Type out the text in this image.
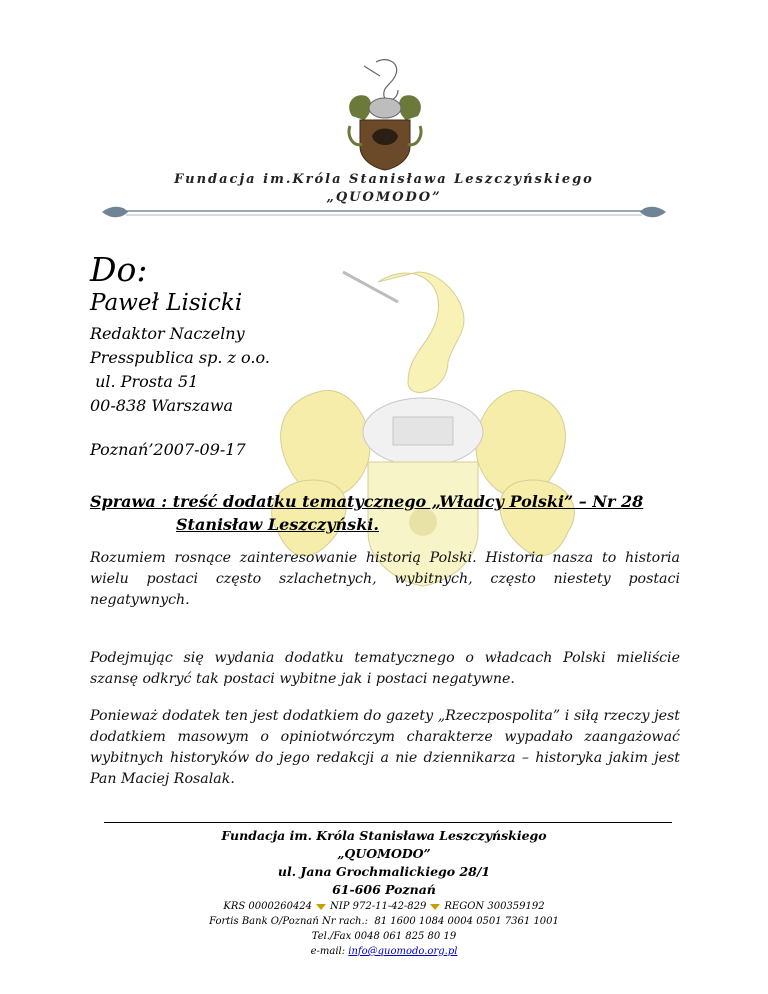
Fundacja im.Króla Stanisława Leszczyńskiego
„QUOMODO”
Do:
Paweł Lisicki
Redaktor Naczelny
Presspublica sp. z o.o.
ul. Prosta 51
00-838 Warszawa
Poznań’2007-09-17
Sprawa : treść dodatku tematycznego „Władcy Polski” – Nr 28
Stanisław Leszczyński.
Rozumiem rosnące zainteresowanie historią Polski. Historia nasza to historia wielu postaci często szlachetnych, wybitnych, często niestety postaci negatywnych.
Podejmując się wydania dodatku tematycznego o władcach Polski mieliście szansę odkryć tak postaci wybitne jak i postaci negatywne.
Ponieważ dodatek ten jest dodatkiem do gazety „Rzeczpospolita” i siłą rzeczy jest dodatkiem masowym o opiniotwórczym charakterze wypadało zaangażować wybitnych historyków do jego redakcji a nie dziennikarza – historyka jakim jest Pan Maciej Rosalak.
Fundacja im. Króla Stanisława Leszczyńskiego
„QUOMODO”
ul. Jana Grochmalickiego 28/1
61-606 Poznań
KRS 0000260424 NIP 972-11-42-829 REGON 300359192
Fortis Bank O/Poznań Nr rach.:  81 1600 1084 0004 0501 7361 1001
Tel./Fax 0048 061 825 80 19
e-mail: info@quomodo.org.pl
